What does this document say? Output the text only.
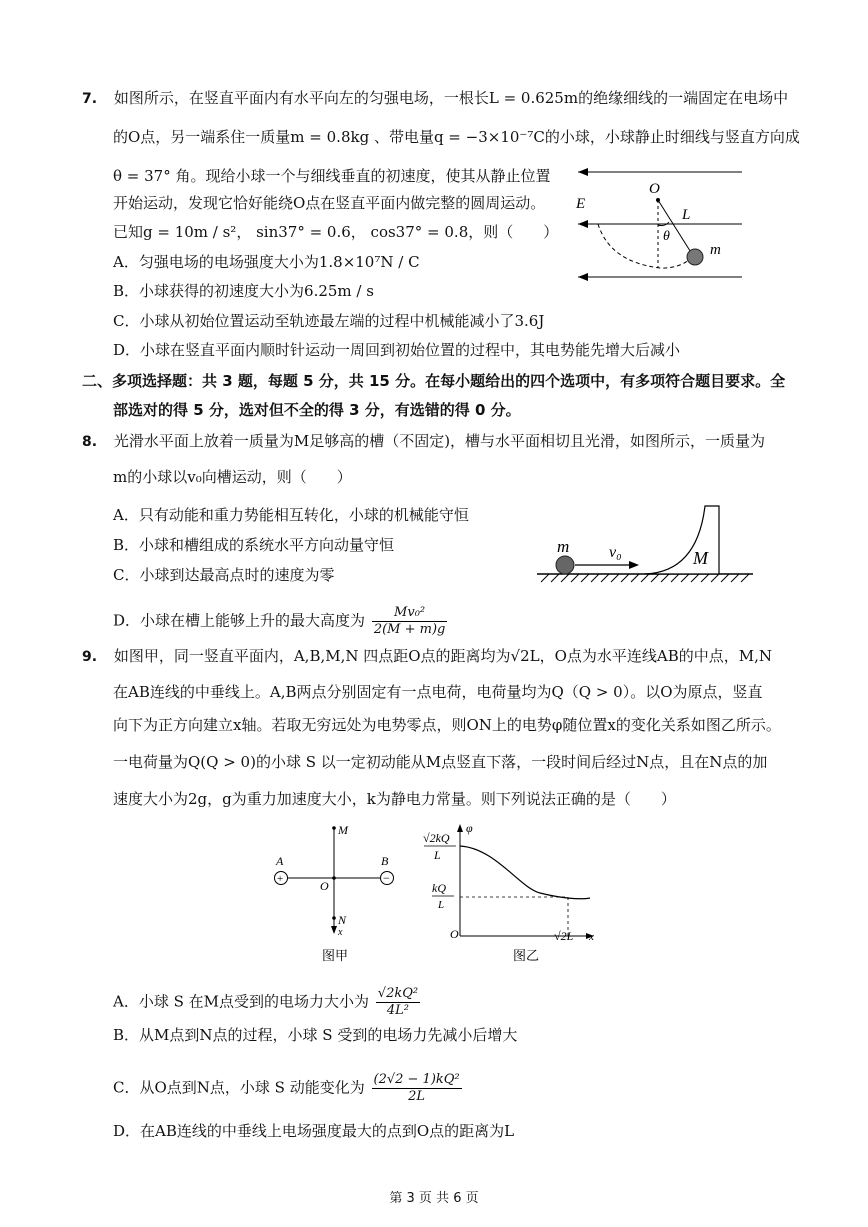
7. 如图所示，在竖直平面内有水平向左的匀强电场，一根长L = 0.625m的绝缘细线的一端固定在电场中
的O点，另一端系住一质量m = 0.8kg 、带电量q = −3×10⁻⁷C的小球，小球静止时细线与竖直方向成
θ = 37° 角。现给小球一个与细线垂直的初速度，使其从静止位置
开始运动，发现它恰好能绕O点在竖直平面内做完整的圆周运动。
已知g = 10m / s²， sin37° = 0.6， cos37° = 0.8，则（　　）
A．匀强电场的电场强度大小为1.8×10⁷N / C
B．小球获得的初速度大小为6.25m / s
C．小球从初始位置运动至轨迹最左端的过程中机械能减小了3.6J
D．小球在竖直平面内顺时针运动一周回到初始位置的过程中，其电势能先增大后减小
O
E
L
θ
m
二、多项选择题：共 3 题，每题 5 分，共 15 分。在每小题给出的四个选项中，有多项符合题目要求。全
部选对的得 5 分，选对但不全的得 3 分，有选错的得 0 分。
8. 光滑水平面上放着一质量为M足够高的槽（不固定)，槽与水平面相切且光滑，如图所示，一质量为
m的小球以v₀向槽运动，则（　　）
A．只有动能和重力势能相互转化，小球的机械能守恒
B．小球和槽组成的系统水平方向动量守恒
C．小球到达最高点时的速度为零
D．小球在槽上能够上升的最大高度为 $\frac{\text{Mv₀²}}{2(M + m)g}$
m v₀	M
9. 如图甲，同一竖直平面内，A,B,M,N 四点距O点的距离均为√2L，O点为水平连线AB的中点，M,N
在AB连线的中垂线上。A,B两点分别固定有一点电荷，电荷量均为Q（Q > 0）。以O为原点，竖直
向下为正方向建立x轴。若取无穷远处为电势零点，则ON上的电势φ随位置x的变化关系如图乙所示。
一电荷量为Q(Q > 0)的小球 S 以一定初动能从M点竖直下落，一段时间后经过N点，且在N点的加
速度大小为2g，g为重力加速度大小，k为静电力常量。则下列说法正确的是（　　）
+	−
M
A	B
O
N
x
图甲
φ
√2kQ
L
kQ
L
O	√2L x
图乙
A．小球 S 在M点受到的电场力大小为 $\frac{\text{√2kQ²}}{\text{4L²}}$
B．从M点到N点的过程，小球 S 受到的电场力先减小后增大
C．从O点到N点，小球 S 动能变化为 $\frac{\text{(2√2 − 1)kQ²}}{2L}$
D．在AB连线的中垂线上电场强度最大的点到O点的距离为L
第 3 页 共 6 页
